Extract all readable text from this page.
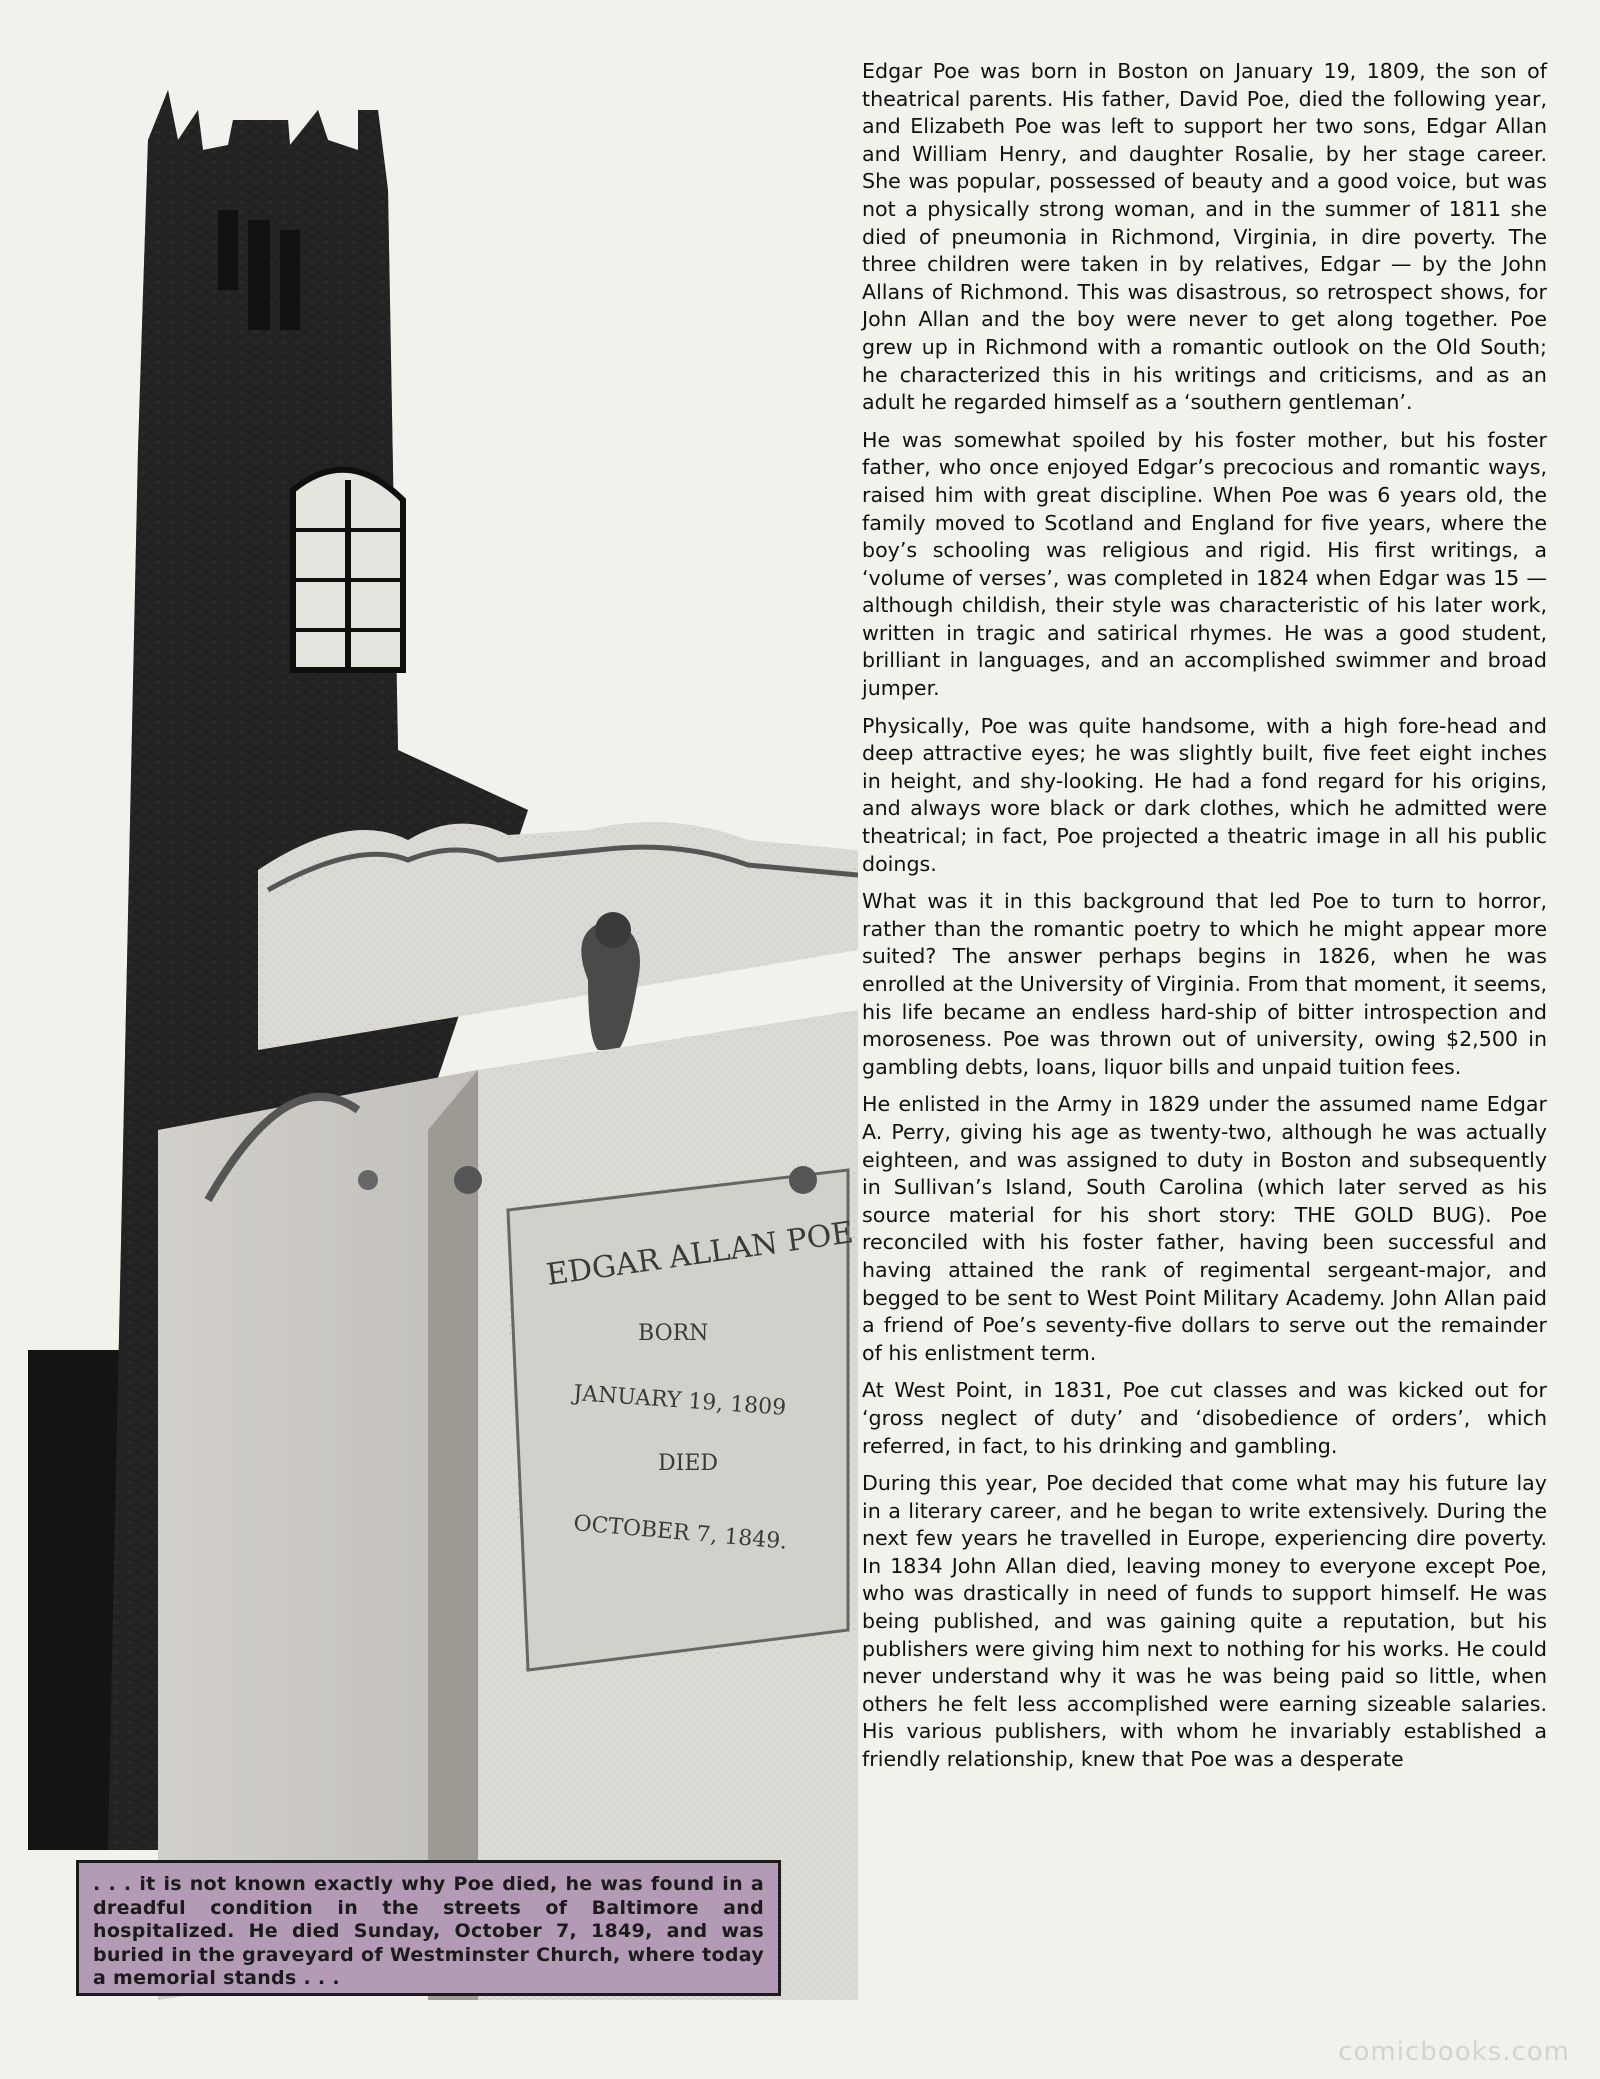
EDGAR ALLAN POE
BORN
JANUARY 19, 1809
DIED
OCTOBER 7, 1849.

Edgar Poe was born in Boston on January 19, 1809, the son of theatrical parents. His father, David Poe, died the following year, and Elizabeth Poe was left to support her two sons, Edgar Allan and William Henry, and daughter Rosalie, by her stage career. She was popular, possessed of beauty and a good voice, but was not a physically strong woman, and in the summer of 1811 she died of pneumonia in Richmond, Virginia, in dire poverty. The three children were taken in by relatives, Edgar — by the John Allans of Richmond. This was disastrous, so retrospect shows, for John Allan and the boy were never to get along together. Poe grew up in Richmond with a romantic outlook on the Old South; he characterized this in his writings and criticisms, and as an adult he regarded himself as a ‘southern gentleman’.

He was somewhat spoiled by his foster mother, but his foster father, who once enjoyed Edgar’s precocious and romantic ways, raised him with great discipline. When Poe was 6 years old, the family moved to Scotland and England for five years, where the boy’s schooling was religious and rigid. His first writings, a ‘volume of verses’, was completed in 1824 when Edgar was 15 — although childish, their style was characteristic of his later work, written in tragic and satirical rhymes. He was a good student, brilliant in languages, and an accomplished swimmer and broad jumper.

Physically, Poe was quite handsome, with a high fore-head and deep attractive eyes; he was slightly built, five feet eight inches in height, and shy-looking. He had a fond regard for his origins, and always wore black or dark clothes, which he admitted were theatrical; in fact, Poe projected a theatric image in all his public doings.

What was it in this background that led Poe to turn to horror, rather than the romantic poetry to which he might appear more suited? The answer perhaps begins in 1826, when he was enrolled at the University of Virginia. From that moment, it seems, his life became an endless hard-ship of bitter introspection and moroseness. Poe was thrown out of university, owing $2,500 in gambling debts, loans, liquor bills and unpaid tuition fees.

He enlisted in the Army in 1829 under the assumed name Edgar A. Perry, giving his age as twenty-two, although he was actually eighteen, and was assigned to duty in Boston and subsequently in Sullivan’s Island, South Carolina (which later served as his source material for his short story: THE GOLD BUG). Poe reconciled with his foster father, having been successful and having attained the rank of regimental sergeant-major, and begged to be sent to West Point Military Academy. John Allan paid a friend of Poe’s seventy-five dollars to serve out the remainder of his enlistment term.

At West Point, in 1831, Poe cut classes and was kicked out for ‘gross neglect of duty’ and ‘disobedience of orders’, which referred, in fact, to his drinking and gambling.

During this year, Poe decided that come what may his future lay in a literary career, and he began to write extensively. During the next few years he travelled in Europe, experiencing dire poverty. In 1834 John Allan died, leaving money to everyone except Poe, who was drastically in need of funds to support himself. He was being published, and was gaining quite a reputation, but his publishers were giving him next to nothing for his works. He could never understand why it was he was being paid so little, when others he felt less accomplished were earning sizeable salaries. His various publishers, with whom he invariably established a friendly relationship, knew that Poe was a desperate

. . . it is not known exactly why Poe died, he was found in a dreadful condition in the streets of Baltimore and hospitalized. He died Sunday, October 7, 1849, and was buried in the graveyard of Westminster Church, where today a memorial stands . . .
comicbooks.com
